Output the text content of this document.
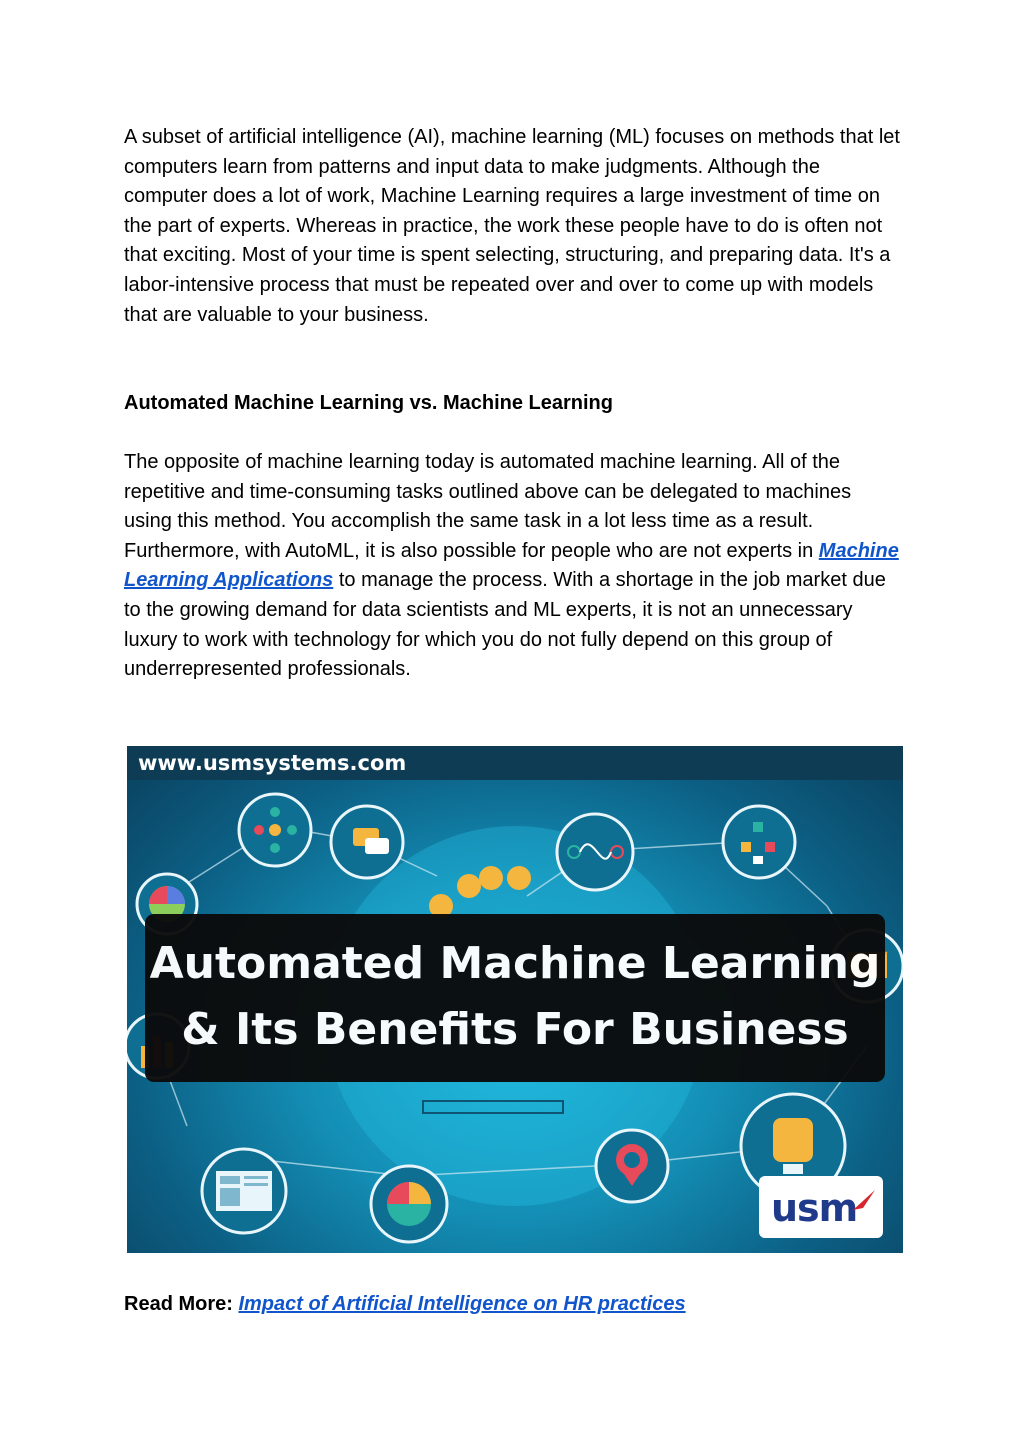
A subset of artificial intelligence (AI), machine learning (ML) focuses on methods that let computers learn from patterns and input data to make judgments. Although the computer does a lot of work, Machine Learning requires a large investment of time on the part of experts. Whereas in practice, the work these people have to do is often not that exciting. Most of your time is spent selecting, structuring, and preparing data. It's a labor-intensive process that must be repeated over and over to come up with models that are valuable to your business.

Automated Machine Learning vs. Machine Learning

The opposite of machine learning today is automated machine learning. All of the repetitive and time-consuming tasks outlined above can be delegated to machines using this method. You accomplish the same task in a lot less time as a result. Furthermore, with AutoML, it is also possible for people who are not experts in Machine Learning Applications to manage the process. With a shortage in the job market due to the growing demand for data scientists and ML experts, it is not an unnecessary luxury to work with technology for which you do not fully depend on this group of underrepresented professionals.

www.usmsystems.com
Automated Machine Learning
& Its Benefits For Business
usm

Read More: Impact of Artificial Intelligence on HR practices
